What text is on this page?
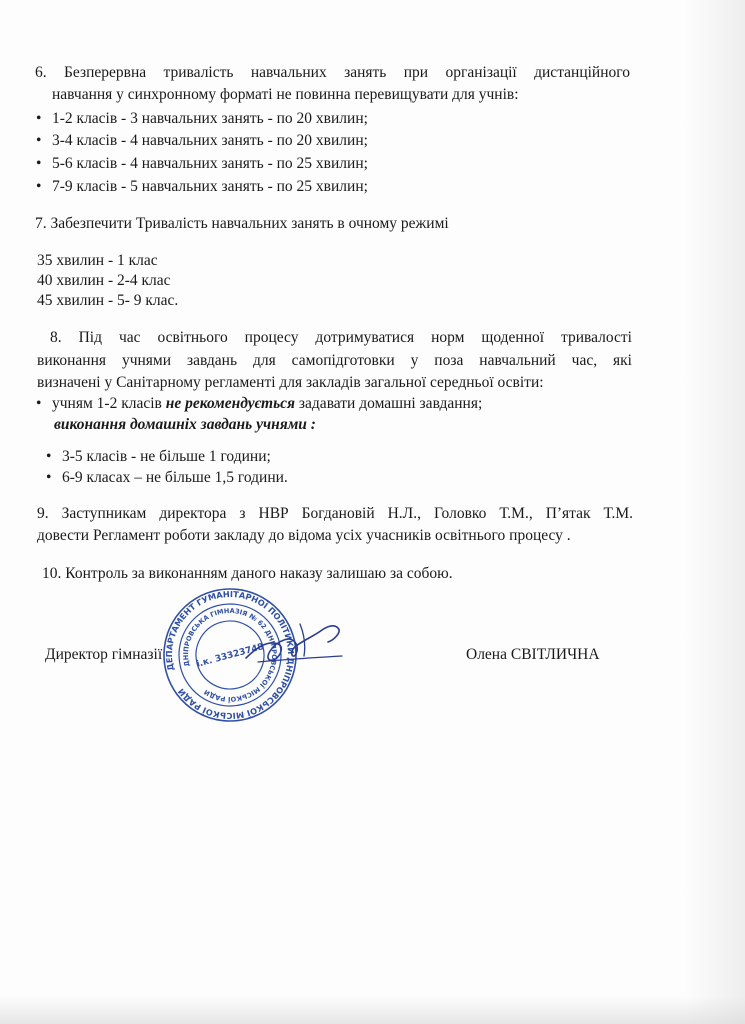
6. Безперервна тривалість навчальних занять при організації дистанційного
навчання у синхронному форматі не повинна перевищувати для учнів:
• 1-2 класів - 3 навчальних занять - по 20 хвилин;
• 3-4 класів - 4 навчальних занять - по 20 хвилин;
• 5-6 класів - 4 навчальних занять - по 25 хвилин;
• 7-9 класів - 5 навчальних занять - по 25 хвилин;
7. Забезпечити Тривалість навчальних занять в очному режимі
35 хвилин - 1 клас
40 хвилин - 2-4 клас
45 хвилин - 5- 9 клас.
8. Під час освітнього процесу дотримуватися норм щоденної тривалості
виконання учнями завдань для самопідготовки у поза навчальний час, які
визначені у Санітарному регламенті для закладів загальної середньої освіти:
• учням 1-2 класів не рекомендується задавати домашні завдання;
виконання домашніх завдань учнями :
• 3-5 класів - не більше 1 години;
• 6-9 класах – не більше 1,5 години.
9. Заступникам директора з НВР Богдановій Н.Л., Головко Т.М., П’ятак Т.М.
довести Регламент роботи закладу до відома усіх учасників освітнього процесу .
10. Контроль за виконанням даного наказу залишаю за собою.
Директор гімназії	Олена СВІТЛИЧНА
ДЕПАРТАМЕНТ ГУМАНІТАРНОЇ ПОЛІТИКИ ДНІПРОВСЬКОЇ МІСЬКОЇ РАДИ
ДНІПРОВСЬКА ГІМНАЗІЯ № 62 ДНІПРОВСЬКОЇ МІСЬКОЇ РАДИ
і.к. 33323748
